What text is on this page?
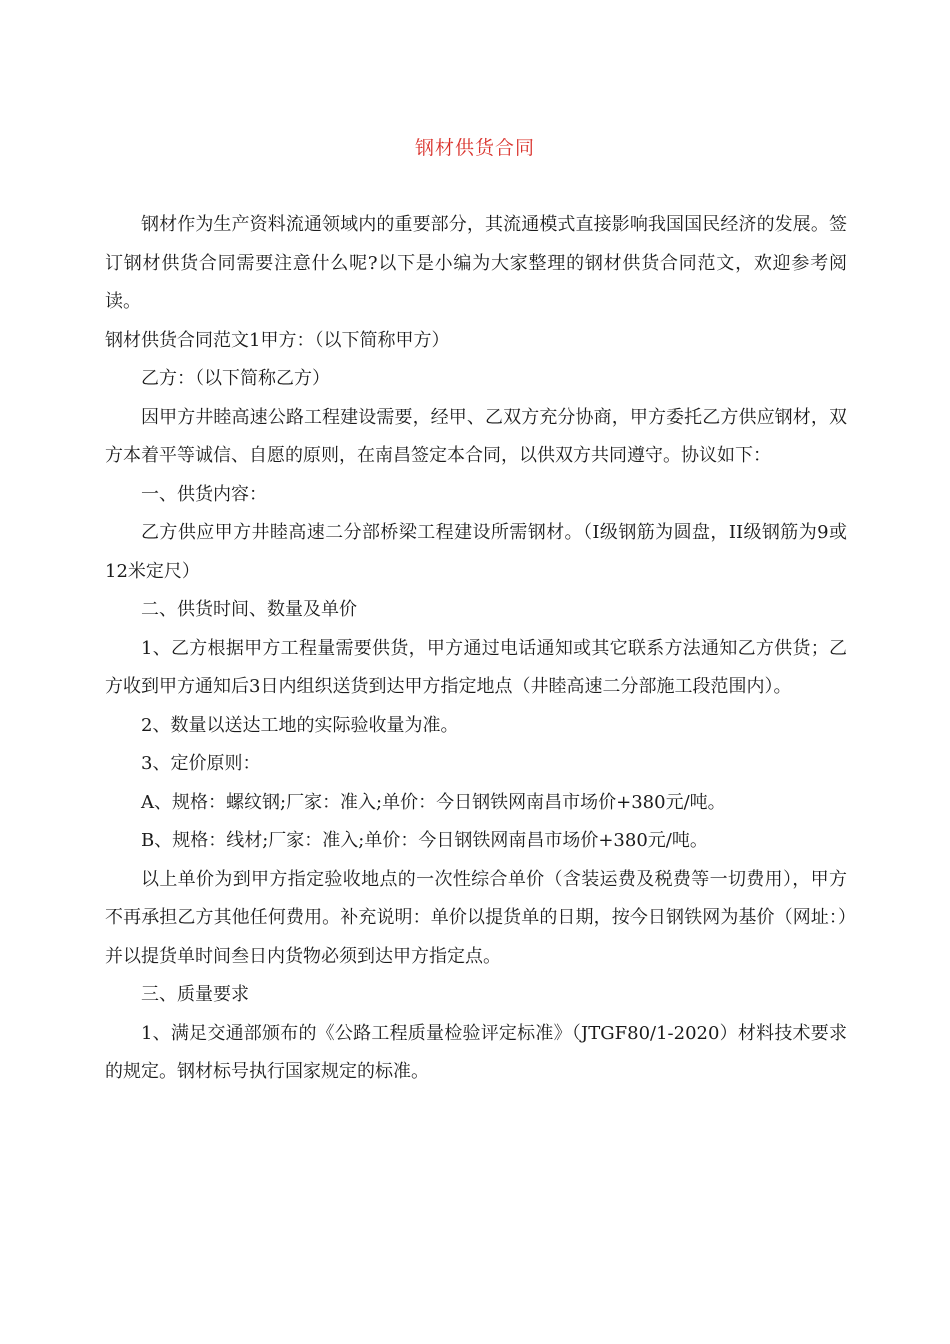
钢材供货合同

钢材作为生产资料流通领域内的重要部分，其流通模式直接影响我国国民经济的发展。签订钢材供货合同需要注意什么呢?以下是小编为大家整理的钢材供货合同范文，欢迎参考阅读。

钢材供货合同范文1甲方：（以下简称甲方）

乙方：（以下简称乙方）

因甲方井睦高速公路工程建设需要，经甲、乙双方充分协商，甲方委托乙方供应钢材，双方本着平等诚信、自愿的原则，在南昌签定本合同，以供双方共同遵守。协议如下：

一、供货内容：

乙方供应甲方井睦高速二分部桥梁工程建设所需钢材。（I级钢筋为圆盘，II级钢筋为9或12米定尺）

二、供货时间、数量及单价

1、乙方根据甲方工程量需要供货，甲方通过电话通知或其它联系方法通知乙方供货；乙方收到甲方通知后3日内组织送货到达甲方指定地点（井睦高速二分部施工段范围内）。

2、数量以送达工地的实际验收量为准。

3、定价原则：

A、规格：螺纹钢;厂家：准入;单价：今日钢铁网南昌市场价+380元/吨。

B、规格：线材;厂家：准入;单价：今日钢铁网南昌市场价+380元/吨。

以上单价为到甲方指定验收地点的一次性综合单价（含装运费及税费等一切费用），甲方不再承担乙方其他任何费用。补充说明：单价以提货单的日期，按今日钢铁网为基价（网址：）并以提货单时间叁日内货物必须到达甲方指定点。

三、质量要求

1、满足交通部颁布的《公路工程质量检验评定标准》（JTGF80/1-2020）材料技术要求的规定。钢材标号执行国家规定的标准。
